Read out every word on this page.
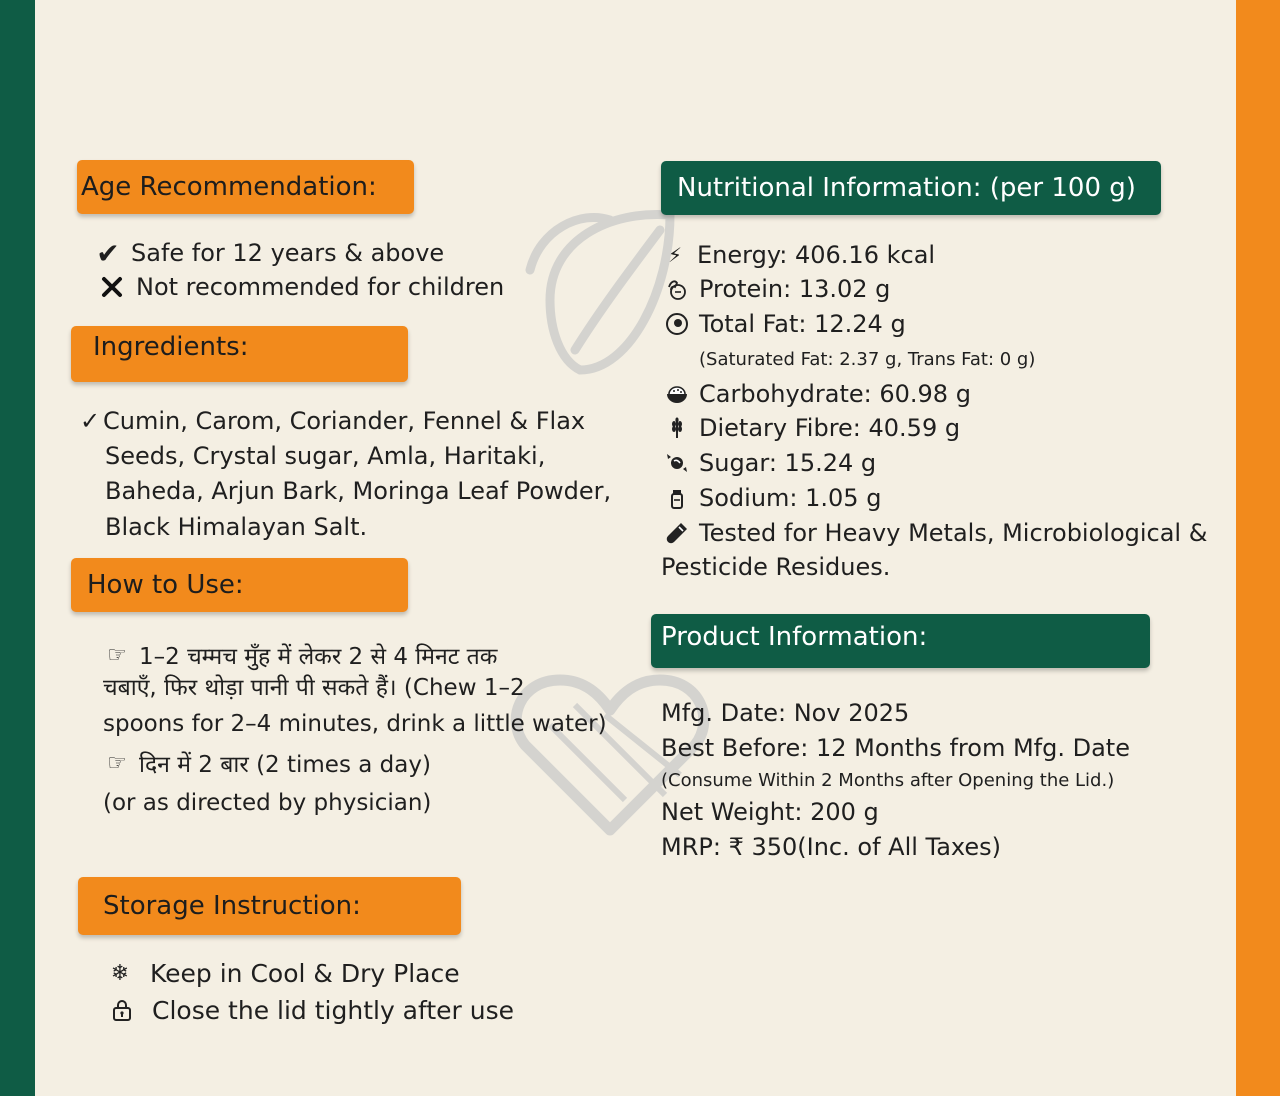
Age Recommendation:
✔ Safe for 12 years & above
Not recommended for children
Ingredients:
✓ Cumin, Carom, Coriander, Fennel & Flax
Seeds, Crystal sugar, Amla, Haritaki,
Baheda, Arjun Bark, Moringa Leaf Powder,
Black Himalayan Salt.
How to Use:
☞ 1–2 चम्मच मुँह में लेकर 2 से 4 मिनट तक
चबाएँ, फिर थोड़ा पानी पी सकते हैं। (Chew 1–2
spoons for 2–4 minutes, drink a little water)
☞ दिन में 2 बार (2 times a day)
(or as directed by physician)
Storage Instruction:
❄ Keep in Cool & Dry Place
Close the lid tightly after use
Nutritional Information: (per 100 g)
⚡ Energy: 406.16 kcal
Protein: 13.02 g
Total Fat: 12.24 g
(Saturated Fat: 2.37 g, Trans Fat: 0 g)
Carbohydrate: 60.98 g
Dietary Fibre: 40.59 g
Sugar: 15.24 g
Sodium: 1.05 g
Tested for Heavy Metals, Microbiological &
Pesticide Residues.
Product Information:
Mfg. Date: Nov 2025
Best Before: 12 Months from Mfg. Date
(Consume Within 2 Months after Opening the Lid.)
Net Weight: 200 g
MRP: ₹ 350(Inc. of All Taxes)
